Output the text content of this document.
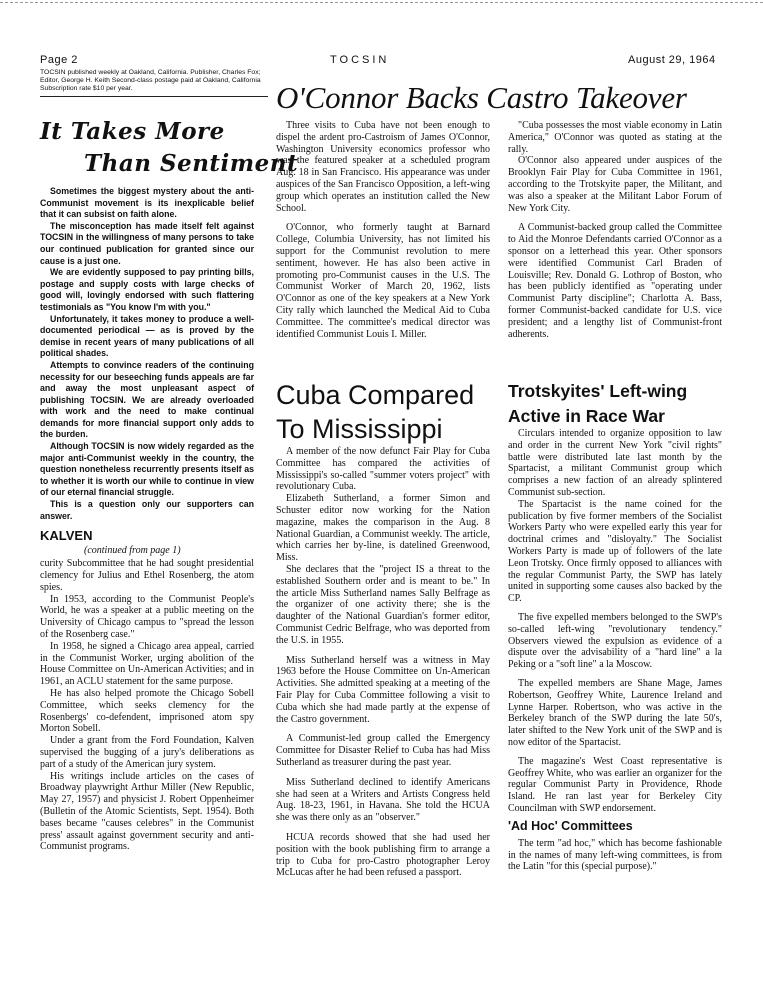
Page 2	TOCSIN	August 29, 1964
TOCSIN published weekly at Oakland, California. Publisher, Charles Fox; Editor, George H. Keith Second-class postage paid at Oakland, California Subscription rate $10 per year.
It Takes More
Than Sentiment

Sometimes the biggest mystery about the anti-Communist movement is its inexplicable belief that it can subsist on faith alone.

The misconception has made itself felt against TOCSIN in the willingness of many persons to take our continued publication for granted since our cause is a just one.

We are evidently supposed to pay printing bills, postage and supply costs with large checks of good will, lovingly endorsed with such flattering testimonials as "You know I'm with you."

Unfortunately, it takes money to produce a well-documented periodical — as is proved by the demise in recent years of many publications of all political shades.

Attempts to convince readers of the continuing necessity for our beseeching funds appeals are far and away the most unpleasant aspect of publishing TOCSIN. We are already overloaded with work and the need to make continual demands for more financial support only adds to the burden.

Although TOCSIN is now widely regarded as the major anti-Communist weekly in the country, the question nonetheless recurrently presents itself as to whether it is worth our while to continue in view of our eternal financial struggle.

This is a question only our supporters can answer.

KALVEN
(continued from page 1)

curity Subcommittee that he had sought presidential clemency for Julius and Ethel Rosenberg, the atom spies.

In 1953, according to the Communist People's World, he was a speaker at a public meeting on the University of Chicago campus to "spread the lesson of the Rosenberg case."

In 1958, he signed a Chicago area appeal, carried in the Communist Worker, urging abolition of the House Committee on Un-American Activities; and in 1961, an ACLU statement for the same purpose.

He has also helped promote the Chicago Sobell Committee, which seeks clemency for the Rosenbergs' co-defendent, imprisoned atom spy Morton Sobell.

Under a grant from the Ford Foundation, Kalven supervised the bugging of a jury's deliberations as part of a study of the American jury system.

His writings include articles on the cases of Broadway playwright Arthur Miller (New Republic, May 27, 1957) and physicist J. Robert Oppenheimer (Bulletin of the Atomic Scientists, Sept. 1954). Both bases became "causes celebres" in the Communist press' assault against government security and anti-Communist programs.

O'Connor Backs Castro Takeover

Three visits to Cuba have not been enough to dispel the ardent pro-Castroism of James O'Connor, Washington University economics professor who was the featured speaker at a scheduled program Aug. 18 in San Francisco. His appearance was under auspices of the San Francisco Opposition, a left-wing group which operates an institution called the New School.

O'Connor, who formerly taught at Barnard College, Columbia University, has not limited his support for the Communist revolution to mere sentiment, however. He has also been active in promoting pro-Communist causes in the U.S. The Communist Worker of March 20, 1962, lists O'Connor as one of the key speakers at a New York City rally which launched the Medical Aid to Cuba Committee. The committee's medical director was identified Communist Louis I. Miller.

"Cuba possesses the most viable economy in Latin America," O'Connor was quoted as stating at the rally.

O'Connor also appeared under auspices of the Brooklyn Fair Play for Cuba Committee in 1961, according to the Trotskyite paper, the Militant, and was also a speaker at the Militant Labor Forum of New York City.

A Communist-backed group called the Committee to Aid the Monroe Defendants carried O'Connor as a sponsor on a letterhead this year. Other sponsors were identified Communist Carl Braden of Louisville; Rev. Donald G. Lothrop of Boston, who has been publicly identified as "operating under Communist Party discipline"; Charlotta A. Bass, former Communist-backed candidate for U.S. vice president; and a lengthy list of Communist-front adherents.

Cuba Compared
To Mississippi

A member of the now defunct Fair Play for Cuba Committee has compared the activities of Mississippi's so-called "summer voters project" with revolutionary Cuba.

Elizabeth Sutherland, a former Simon and Schuster editor now working for the Nation magazine, makes the comparison in the Aug. 8 National Guardian, a Communist weekly. The article, which carries her by-line, is datelined Greenwood, Miss.

She declares that the "project IS a threat to the established Southern order and is meant to be." In the article Miss Sutherland names Sally Belfrage as the organizer of one activity there; she is the daughter of the National Guardian's former editor, Communist Cedric Belfrage, who was deported from the U.S. in 1955.

Miss Sutherland herself was a witness in May 1963 before the House Committee on Un-American Activities. She admitted speaking at a meeting of the Fair Play for Cuba Committee following a visit to Cuba which she had made partly at the expense of the Castro government.

A Communist-led group called the Emergency Committee for Disaster Relief to Cuba has had Miss Sutherland as treasurer during the past year.

Miss Sutherland declined to identify Americans she had seen at a Writers and Artists Congress held Aug. 18-23, 1961, in Havana. She told the HCUA she was there only as an "observer."

HCUA records showed that she had used her position with the book publishing firm to arrange a trip to Cuba for pro-Castro photographer Leroy McLucas after he had been refused a passport.

Trotskyites' Left-wing
Active in Race War

Circulars intended to organize opposition to law and order in the current New York "civil rights" battle were distributed late last month by the Spartacist, a militant Communist group which comprises a new faction of an already splintered Communist sub-section.

The Spartacist is the name coined for the publication by five former members of the Socialist Workers Party who were expelled early this year for doctrinal crimes and "disloyalty." The Socialist Workers Party is made up of followers of the late Leon Trotsky. Once firmly opposed to alliances with the regular Communist Party, the SWP has lately united in supporting some causes also backed by the CP.

The five expelled members belonged to the SWP's so-called left-wing "revolutionary tendency." Observers viewed the expulsion as evidence of a dispute over the advisability of a "hard line" a la Peking or a "soft line" a la Moscow.

The expelled members are Shane Mage, James Robertson, Geoffrey White, Laurence Ireland and Lynne Harper. Robertson, who was active in the Berkeley branch of the SWP during the late 50's, later shifted to the New York unit of the SWP and is now editor of the Spartacist.

The magazine's West Coast representative is Geoffrey White, who was earlier an organizer for the regular Communist Party in Providence, Rhode Island. He ran last year for Berkeley City Councilman with SWP endorsement.

'Ad Hoc' Committees

The term "ad hoc," which has become fashionable in the names of many left-wing committees, is from the Latin "for this (special purpose)."
